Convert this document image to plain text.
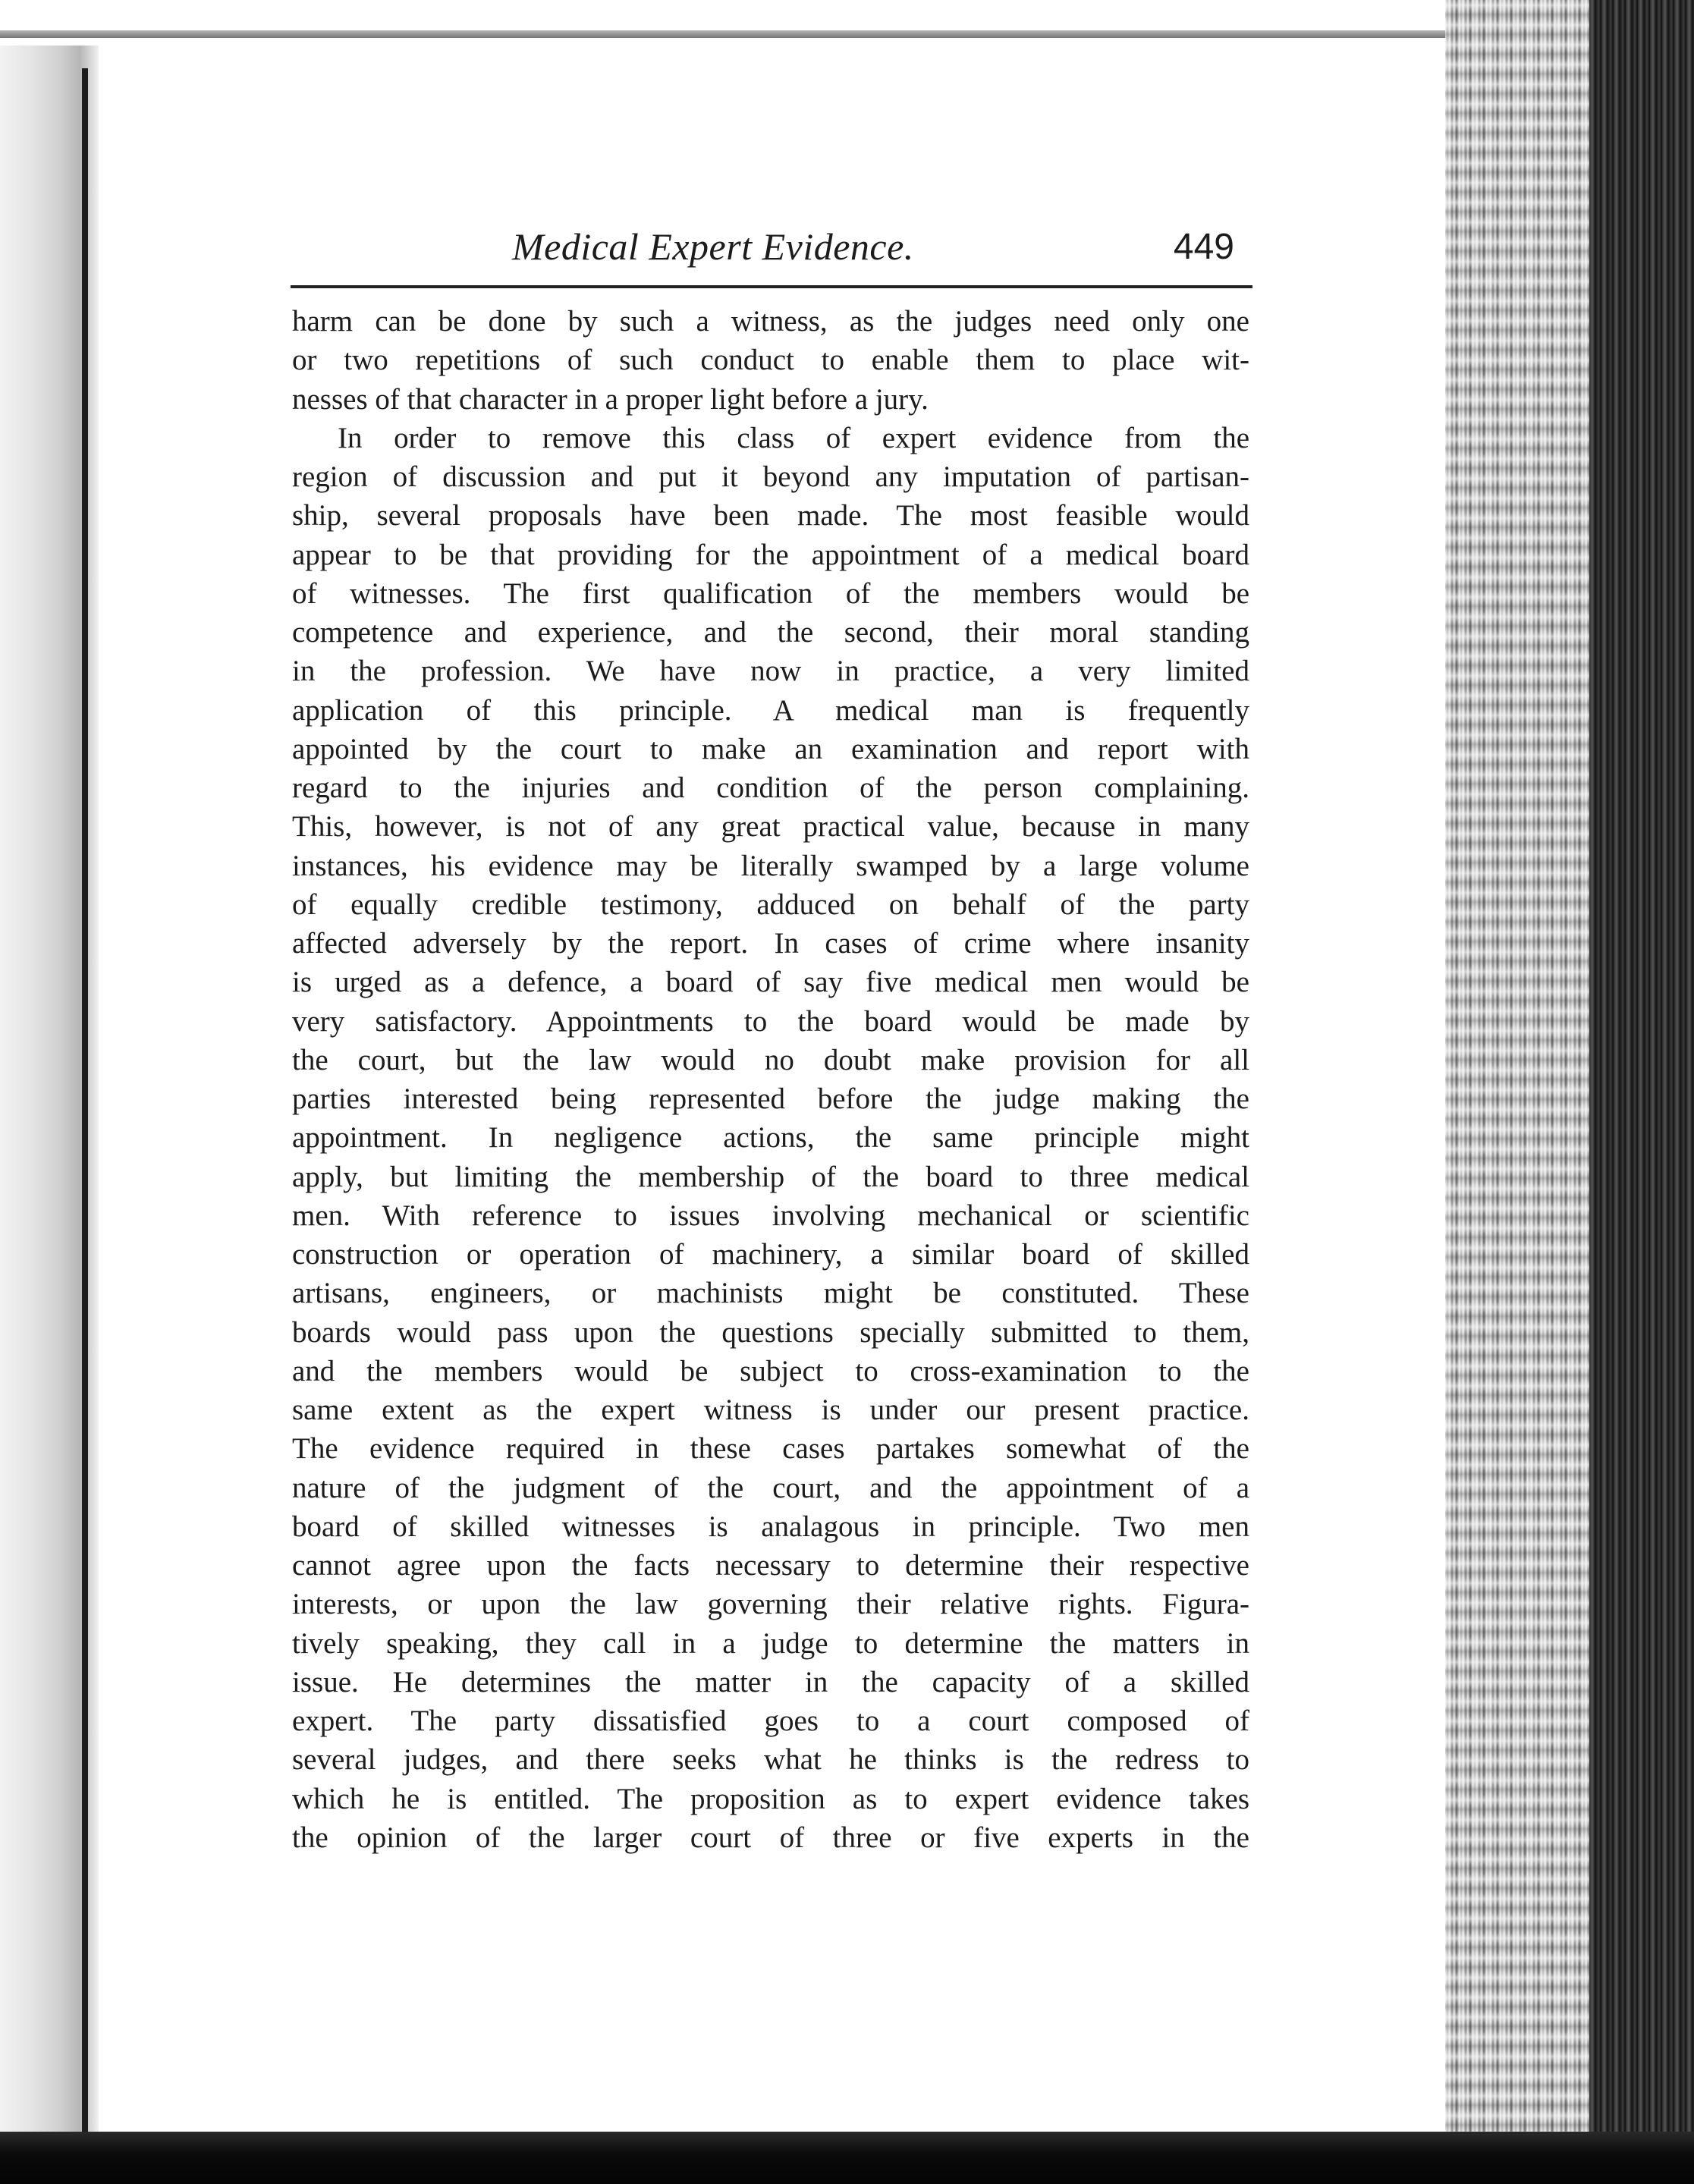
Medical Expert Evidence.	449
harm can be done by such a witness, as the judges need only one
or two repetitions of such conduct to enable them to place wit-
nesses of that character in a proper light before a jury.
In order to remove this class of expert evidence from the
region of discussion and put it beyond any imputation of partisan-
ship, several proposals have been made. The most feasible would
appear to be that providing for the appointment of a medical board
of witnesses. The first qualification of the members would be
competence and experience, and the second, their moral standing
in the profession. We have now in practice, a very limited
application of this principle. A medical man is frequently
appointed by the court to make an examination and report with
regard to the injuries and condition of the person complaining.
This, however, is not of any great practical value, because in many
instances, his evidence may be literally swamped by a large volume
of equally credible testimony, adduced on behalf of the party
affected adversely by the report. In cases of crime where insanity
is urged as a defence, a board of say five medical men would be
very satisfactory. Appointments to the board would be made by
the court, but the law would no doubt make provision for all
parties interested being represented before the judge making the
appointment. In negligence actions, the same principle might
apply, but limiting the membership of the board to three medical
men. With reference to issues involving mechanical or scientific
construction or operation of machinery, a similar board of skilled
artisans, engineers, or machinists might be constituted. These
boards would pass upon the questions specially submitted to them,
and the members would be subject to cross-examination to the
same extent as the expert witness is under our present practice.
The evidence required in these cases partakes somewhat of the
nature of the judgment of the court, and the appointment of a
board of skilled witnesses is analagous in principle. Two men
cannot agree upon the facts necessary to determine their respective
interests, or upon the law governing their relative rights. Figura-
tively speaking, they call in a judge to determine the matters in
issue. He determines the matter in the capacity of a skilled
expert. The party dissatisfied goes to a court composed of
several judges, and there seeks what he thinks is the redress to
which he is entitled. The proposition as to expert evidence takes
the opinion of the larger court of three or five experts in the
